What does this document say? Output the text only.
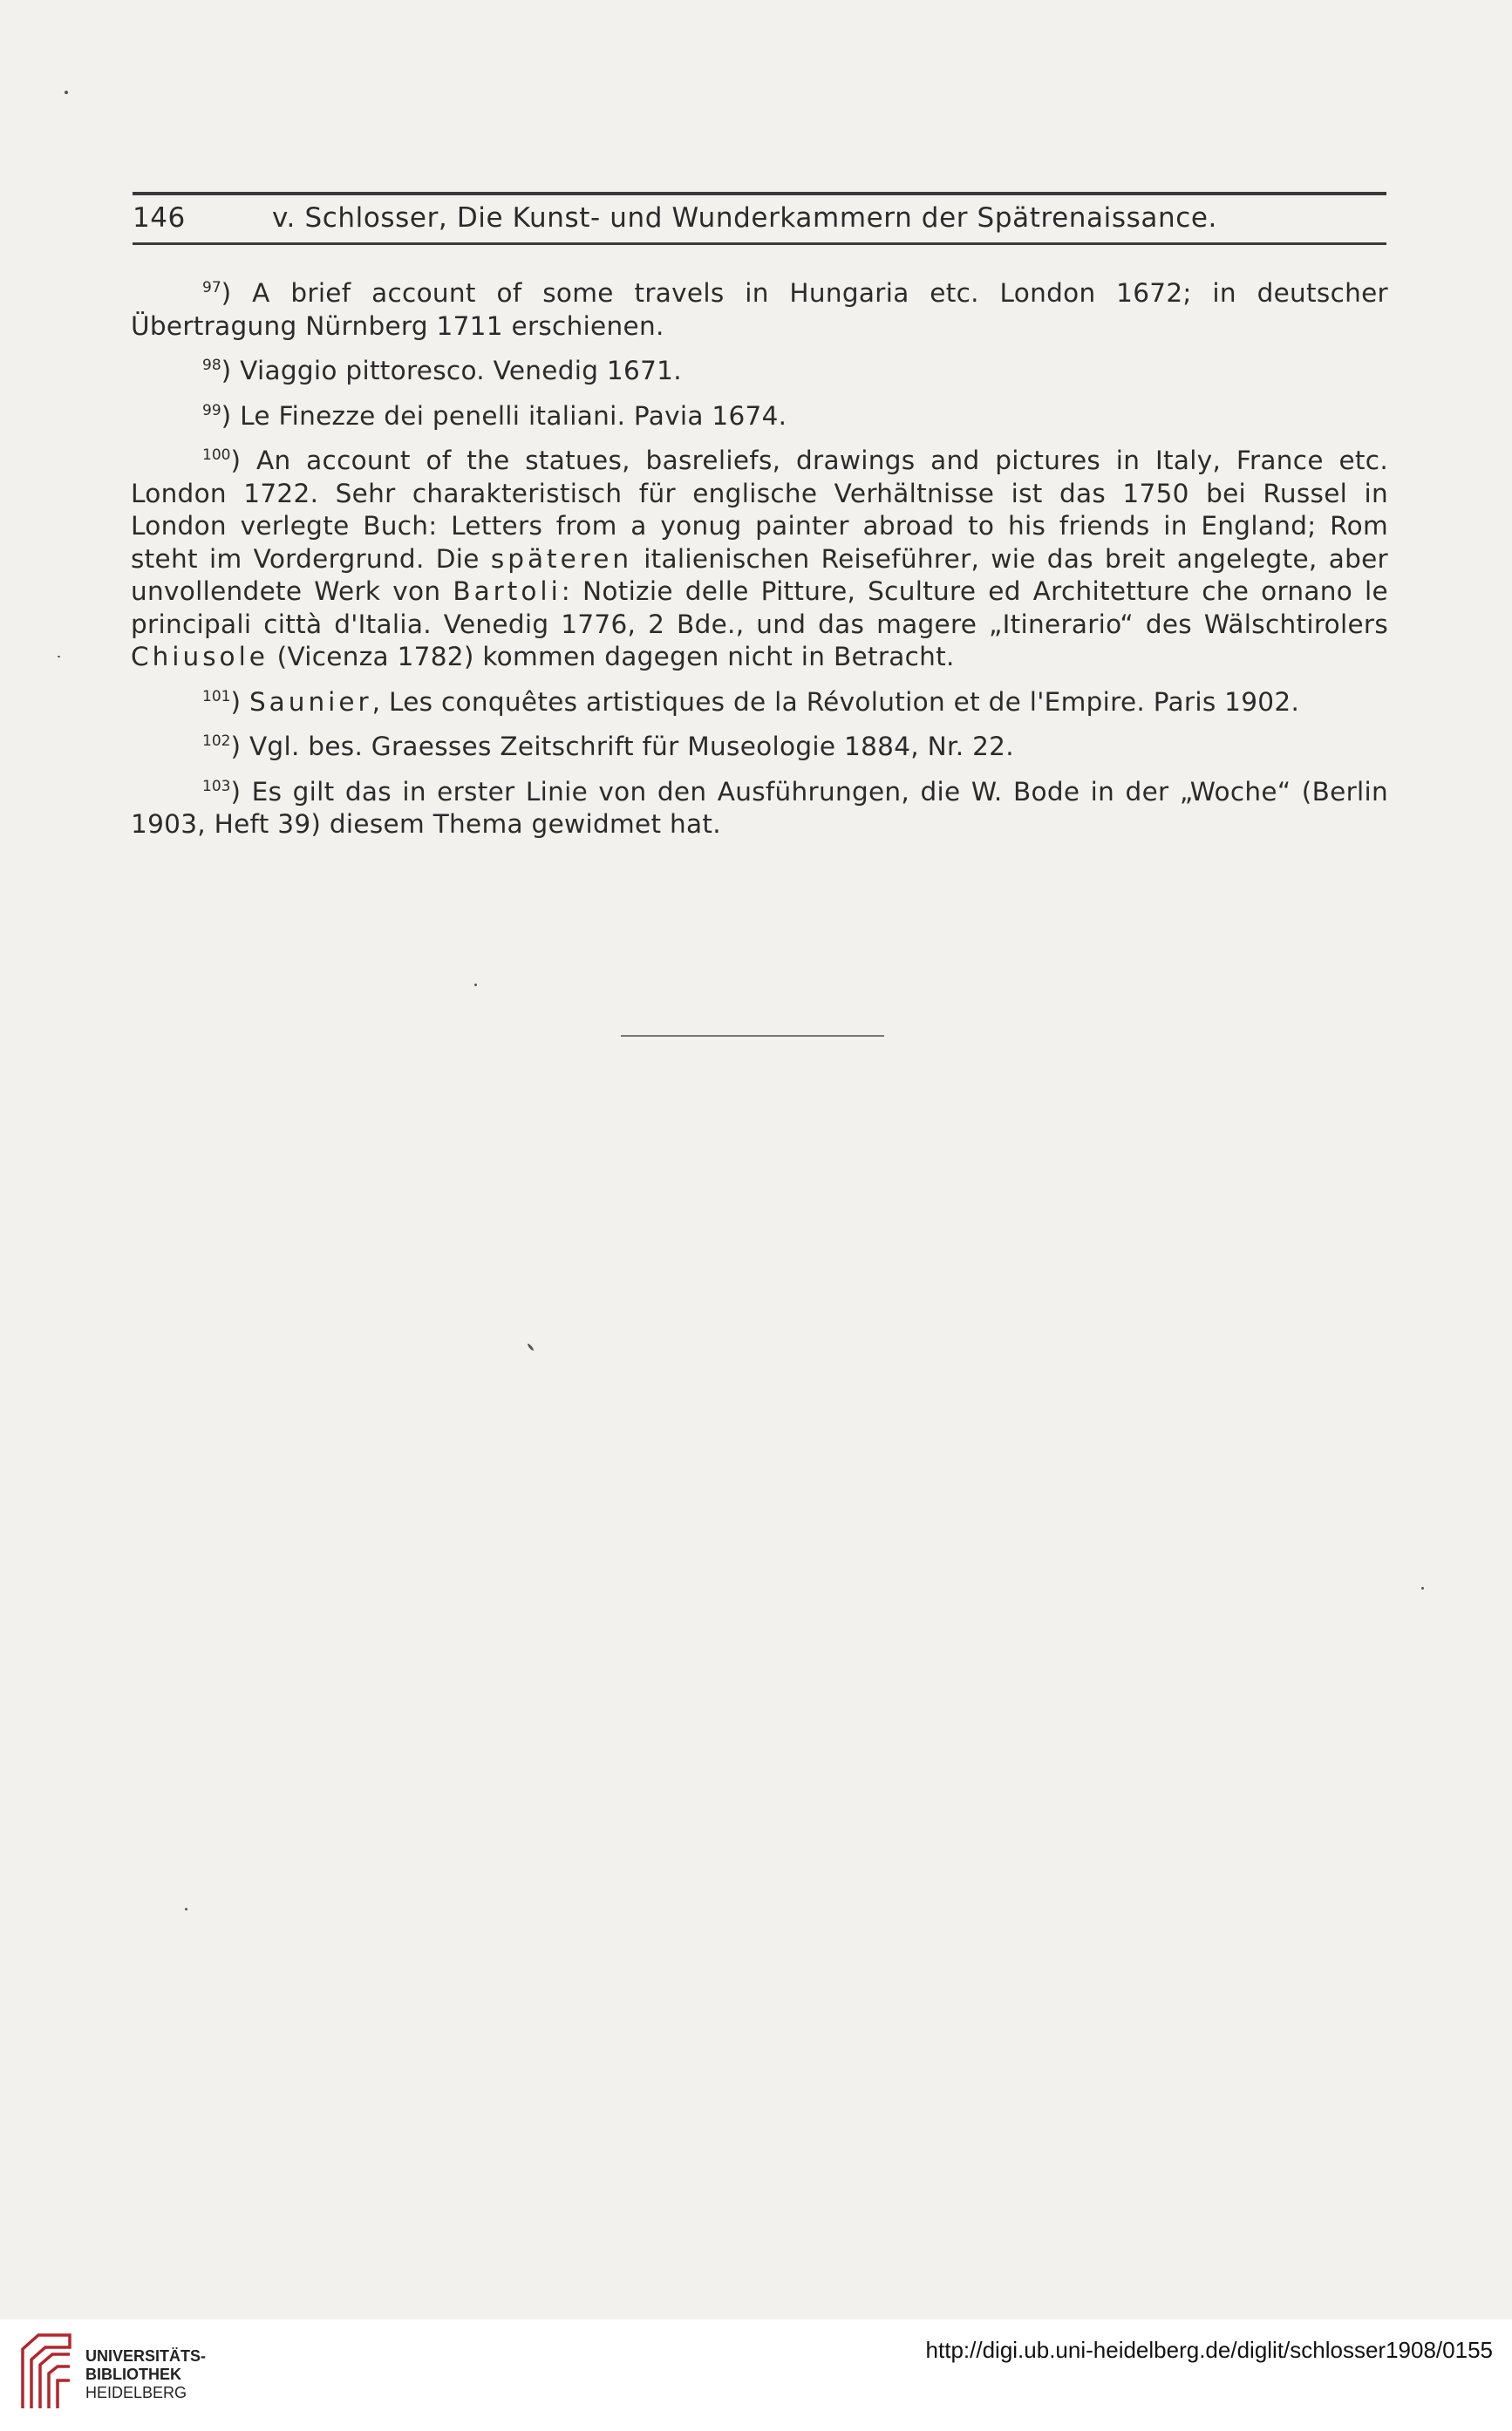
146	v. Schlosser, Die Kunst- und Wunderkammern der Spätrenaissance.

$^{97}$) A brief account of some travels in Hungaria etc. London 1672; in deutscher Übertragung Nürnberg 1711 erschienen.

$^{98}$) Viaggio pittoresco. Venedig 1671.

$^{99}$) Le Finezze dei penelli italiani. Pavia 1674.

$^{100}$) An account of the statues, basreliefs, drawings and pictures in Italy, France etc. London 1722. Sehr charakteristisch für englische Verhältnisse ist das 1750 bei Russel in London verlegte Buch: Letters from a yonug painter abroad to his friends in England; Rom steht im Vordergrund. Die späteren italienischen Reiseführer, wie das breit angelegte, aber unvollendete Werk von Bartoli: Notizie delle Pitture, Sculture ed Architetture che ornano le principali città d'Italia. Venedig 1776, 2 Bde., und das magere „Itinerario“ des Wälschtirolers Chiusole (Vicenza 1782) kommen dagegen nicht in Betracht.

$^{101}$) Saunier, Les conquêtes artistiques de la Révolution et de l'Empire. Paris 1902.

$^{102}$) Vgl. bes. Graesses Zeitschrift für Museologie 1884, Nr. 22.

$^{103}$) Es gilt das in erster Linie von den Ausführungen, die W. Bode in der „Woche“ (Berlin 1903, Heft 39) diesem Thema gewidmet hat.

UNIVERSITÄTS-
BIBLIOTHEK
HEIDELBERG
http://digi.ub.uni-heidelberg.de/diglit/schlosser1908/0155
